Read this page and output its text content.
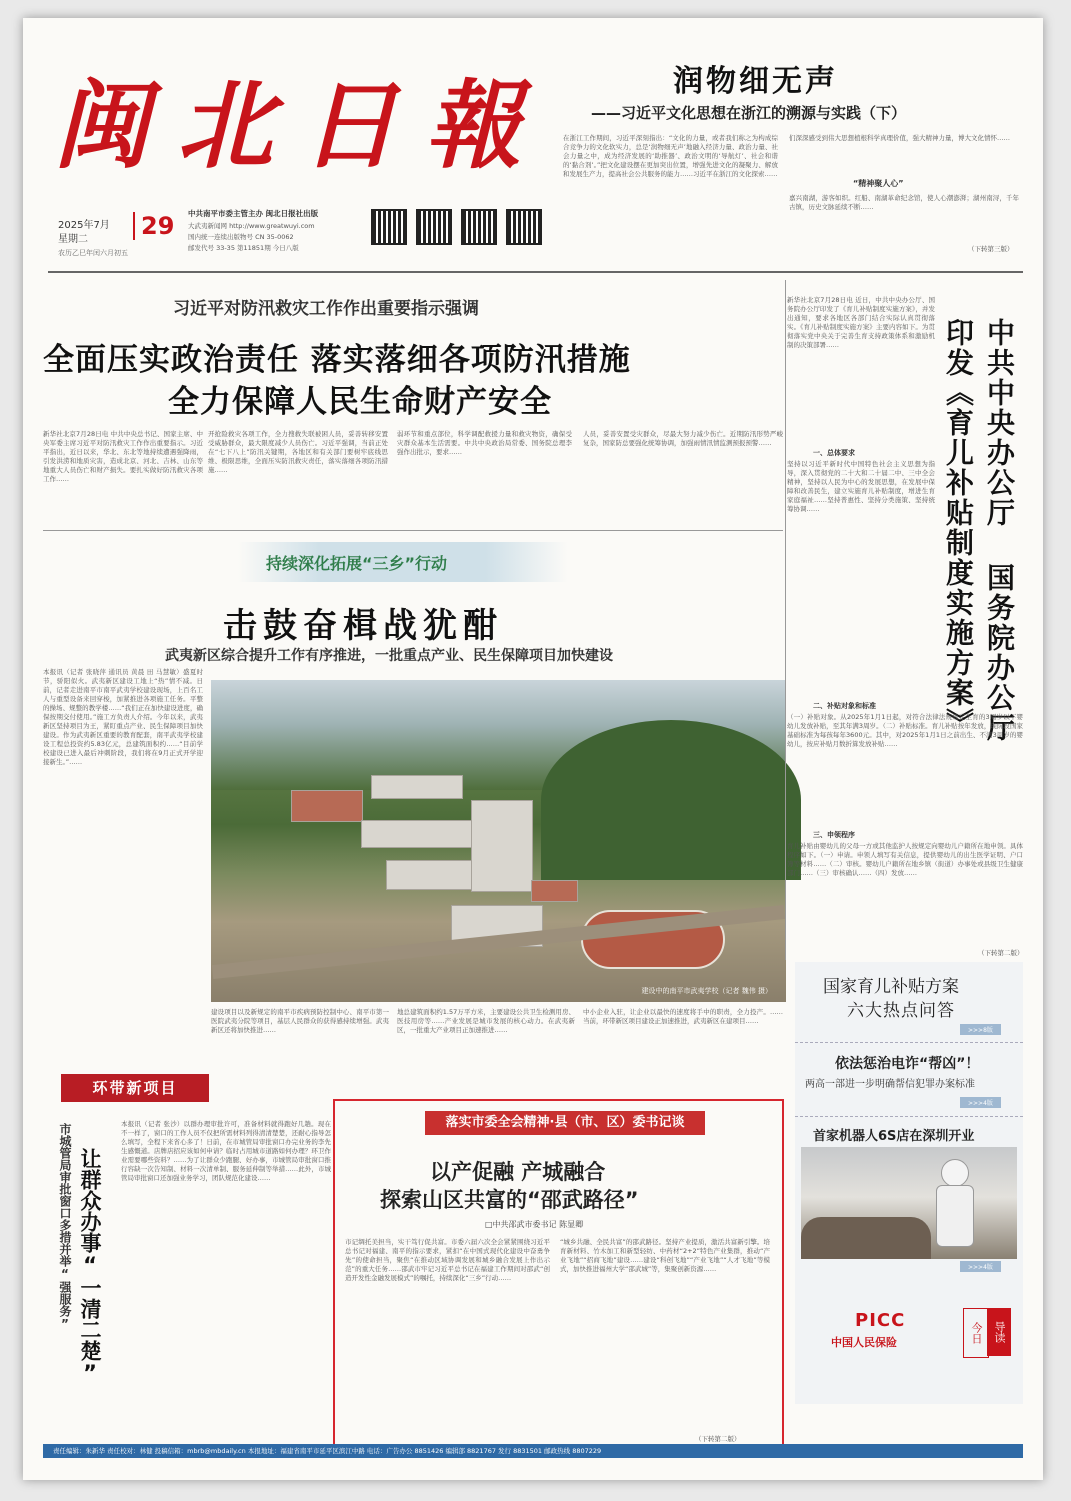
闽 北 日 報
2025年7月
星期二	29
农历乙巳年闰六月初五
中共南平市委主管主办 闽北日报社出版
大武夷新闻网 http://www.greatwuyi.com
国内统一连续出版物号 CN 35-0062
邮发代号 33-35 第11851期 今日八版
润物细无声
——习近平文化思想在浙江的溯源与实践（下）
在浙江工作期间，习近平深刻指出：“文化的力量，或者我们称之为构成综合竞争力的文化软实力，总是‘润物细无声’地融入经济力量、政治力量、社会力量之中，成为经济发展的‘助推器’、政治文明的‘导航灯’、社会和谐的‘黏合剂’。”把文化建设摆在更加突出位置，增强先进文化的凝聚力、解放和发展生产力，提高社会公共服务的能力……习近平在浙江的文化探索……
们深深感受到伟大思想植根科学真理价值，强大精神力量，博大文化情怀……
“精神聚人心”
嘉兴南湖，游客如织。红船、南湖革命纪念馆，使人心潮澎湃；湖州南浔，千年古镇，历史文脉延续不断……
（下转第三版）
习近平对防汛救灾工作作出重要指示强调
全面压实政治责任 落实落细各项防汛措施
全力保障人民生命财产安全
新华社北京7月28日电 中共中央总书记、国家主席、中央军委主席习近平对防汛救灾工作作出重要指示。习近平指出，近日以来，华北、东北等地持续遭遇强降雨，引发洪涝和地质灾害，造成北京、河北、吉林、山东等地重大人员伤亡和财产损失。要扎实做好防汛救灾各项工作……
开抢险救灾各项工作，全力搜救失联被困人员，妥善转移安置受威胁群众，最大限度减少人员伤亡。习近平强调，当前正处在“七下八上”防汛关键期，各地区和有关部门要树牢底线思维、极限思维，全面压实防汛救灾责任，落实落细各项防汛措施……
弱环节和重点部位，科学调配救援力量和救灾物资，确保受灾群众基本生活需要。中共中央政治局常委、国务院总理李强作出批示，要求……
人员，妥善安置受灾群众，尽最大努力减少伤亡。近期防汛形势严峻复杂，国家防总要强化统筹协调，加强雨情汛情监测预报预警……
持续深化拓展“三乡”行动
击鼓奋楫战犹酣
武夷新区综合提升工作有序推进，一批重点产业、民生保障项目加快建设
本报讯（记者 张晓萍 通讯员 黄晨 田 马慧敏）盛夏时节，骄阳似火。武夷新区建设工地上“热”情不减。日前，记者走进南平市南平武夷学校建设现场，上百名工人与重型设备来回穿梭，加紧推进各项施工任务。平整的操场、规整的教学楼……“我们正在加快建设进度，确保按期交付使用。”施工方负责人介绍。今年以来，武夷新区坚持项目为王，紧盯重点产业、民生保障项目加快建设。作为武夷新区重要的教育配套，南平武夷学校建设工程总投资约5.83亿元，总建筑面积约……“目前学校建设已进入最后冲刺阶段，我们将在9月正式开学迎接新生。”……
建设中的南平市武夷学校（记者 魏伟 摄）
建设项目以及新规定的南平市疾病预防控制中心、南平市第一医院武夷分院等项目，基层人民群众的获得感持续增强。武夷新区还将加快推进……
地总建筑面积约1.57万平方米，主要建设公共卫生检测用房、医技用房等……产业发展是城市发展的核心动力。在武夷新区，一批重大产业项目正加速推进……
中小企业入驻，让企业以最快的速度将手中的职责，全力投产。……当前，环带新区项目建设正加速推进，武夷新区在建项目……
环带新项目
让群众办事“一清二楚”
市城管局审批窗口多措并举“强服务”	本报讯（记者 张沙）以群办理审批许可，准备材料就得跑好几趟。现在不一样了，窗口的工作人员不仅把所需材料列得清清楚楚，还耐心指导怎么填写，全程下来省心多了！日前，在市城管局审批窗口办完业务的李先生感慨道。店牌店招应该如何申请？临时占用城市道路如何办理？环卫作业需要哪些资料？……为了让群众少跑腿、好办事，市城管局审批窗口推行容缺一次告知制、材料一次清单制、服务延伸制等举措……此外，市城管局审批窗口还加强业务学习，团队规范化建设……
落实市委全会精神·县（市、区）委书记谈
以产促融 产城融合
探索山区共富的“邵武路径”
□中共邵武市委书记 陈显卿
市记绸托美担当，实干笃行促共富。市委六届六次全会紧紧围绕习近平总书记对福建、南平的指示要求，紧扣“在中国式现代化建设中奋勇争先”的使命担当，聚焦“在推动区域协调发展和城乡融合发展上作出示范”的重大任务……邵武市牢记习近平总书记在福建工作期间对邵武“创造开发性金融发展模式”的嘱托，持续深化“三乡”行动……
“城乡共融、全民共富”的邵武路径。坚持产业提质，激活共富新引擎。培育新材料、竹木加工和新型轻纺、中药材“2+2”特色产业集群，推动“产业飞地”“招商飞地”建设……建设“科创飞地”“产业飞地”“人才飞地”等模式，加快推进福州大学“邵武城”等，集聚创新资源……
（下转第二版）
中共中央办公厅 国务院办公厅
印发《育儿补贴制度实施方案》
新华社北京7月28日电 近日，中共中央办公厅、国务院办公厅印发了《育儿补贴制度实施方案》，并发出通知，要求各地区各部门结合实际认真贯彻落实。《育儿补贴制度实施方案》主要内容如下。为贯彻落实党中央关于完善生育支持政策体系和激励机制的决策部署……
一、总体要求
坚持以习近平新时代中国特色社会主义思想为指导，深入贯彻党的二十大和二十届二中、三中全会精神，坚持以人民为中心的发展思想，在发展中保障和改善民生，建立实施育儿补贴制度，增进生育家庭福祉……坚持普惠性、坚持分类施策、坚持统筹协调……
二、补贴对象和标准
（一）补贴对象。从2025年1月1日起，对符合法律法规规定生育的3周岁以下婴幼儿发放补贴，至其年满3周岁。（二）补贴标准。育儿补贴按年发放，现阶段国家基础标准为每孩每年3600元。其中，对2025年1月1日之前出生、不满3周岁的婴幼儿，按应补贴月数折算发放补贴……
三、申领程序
育儿补贴由婴幼儿的父母一方或其他监护人按规定向婴幼儿户籍所在地申领。具体程序如下。（一）申请。申领人填写有关信息，提供婴幼儿的出生医学证明、户口簿等材料……（二）审核。婴幼儿户籍所在地乡镇（街道）办事处或县级卫生健康部门……（三）审核确认……（四）发放……
（下转第二版）
国家育儿补贴方案
六大热点问答
>>>8版
依法惩治电诈“帮凶”！
两高一部进一步明确帮信犯罪办案标准
>>>4版
首家机器人6S店在深圳开业
>>>4版
PICC
中国人民保险	今日 导读
责任编辑：朱新华 责任校对：林健 投稿信箱：mbrb@mbdaily.cn 本报地址：福建省南平市延平区滨江中路 电话：广告办公 8851426 编辑部 8821767 发行 8831501 邮政热线 8807229
